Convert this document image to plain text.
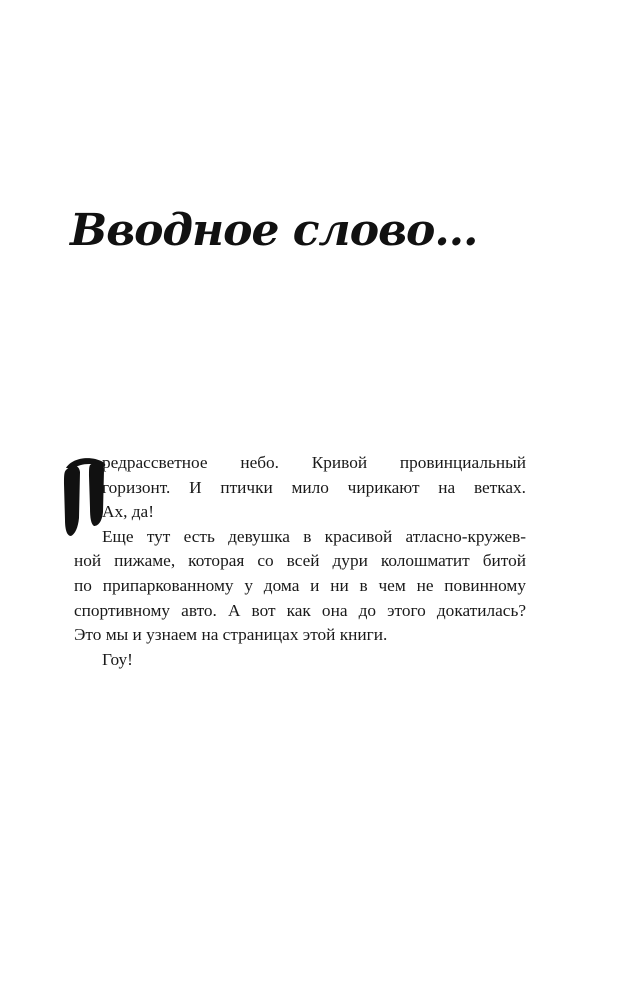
Вводное слово…
редрассветное небо. Кривой провинциальный
горизонт. И птички мило чирикают на ветках.
Ах, да!
Еще тут есть девушка в красивой атласно-кружев-
ной пижаме, которая со всей дури колошматит битой
по припаркованному у дома и ни в чем не повинному
спортивному авто. А вот как она до этого докатилась?
Это мы и узнаем на страницах этой книги.
Гоу!
